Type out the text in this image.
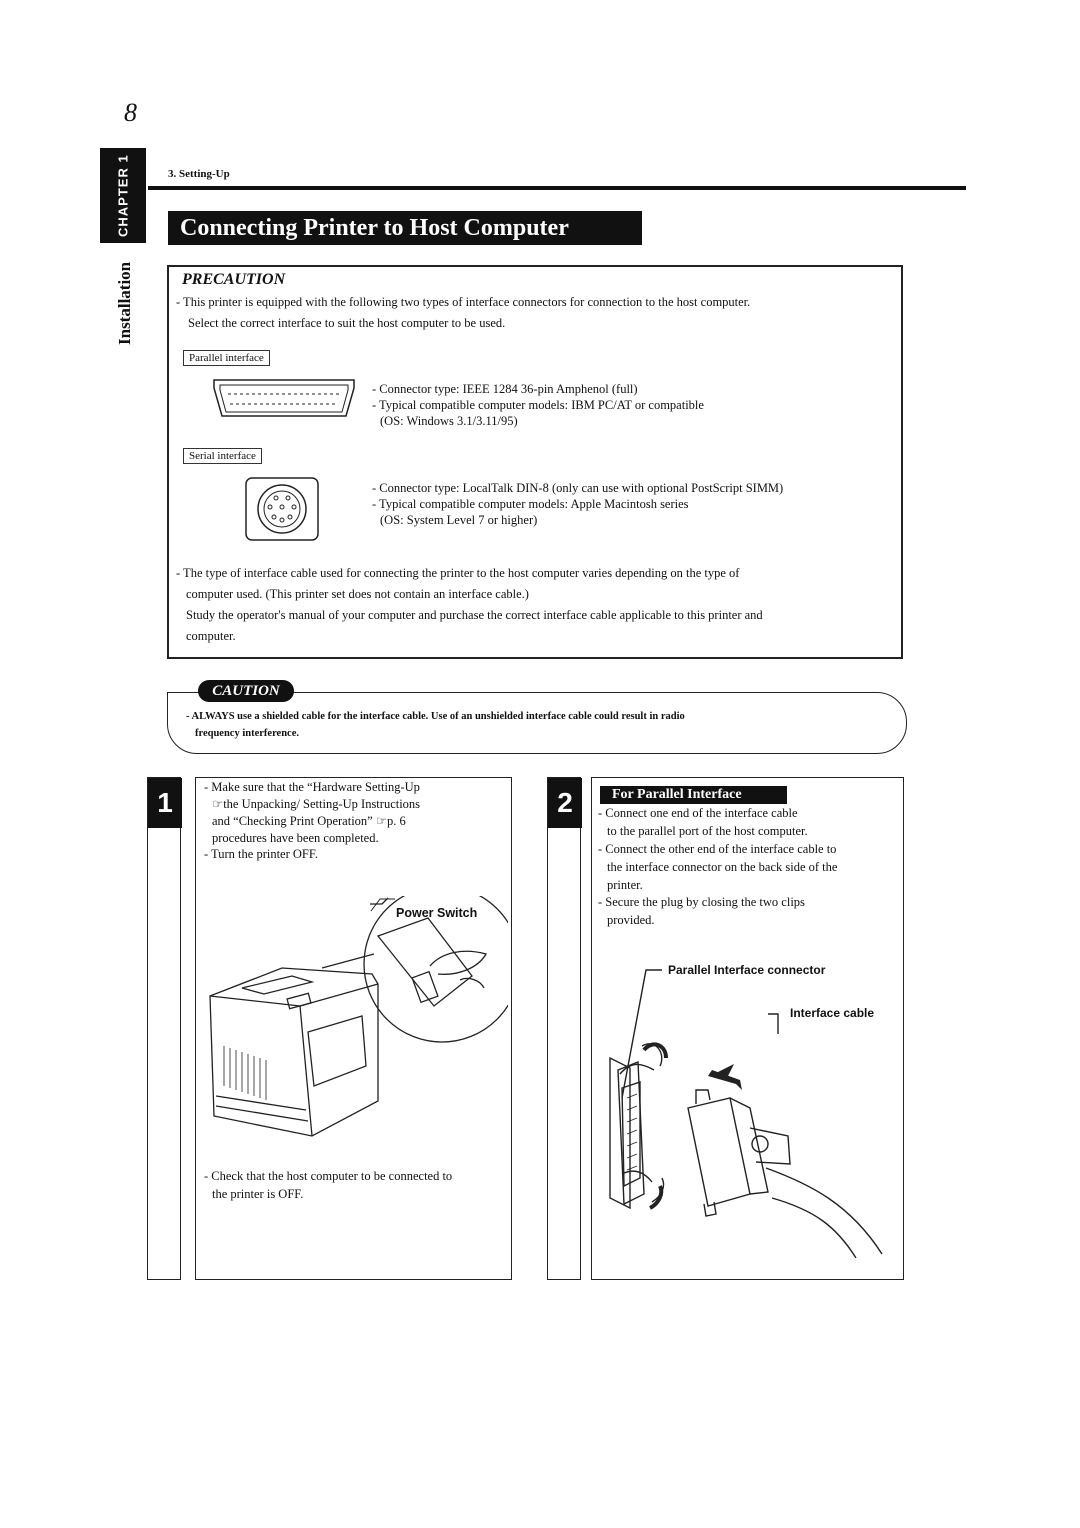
8
CHAPTER 1
Installation
3. Setting-Up
Connecting Printer to Host Computer
PRECAUTION
- This printer is equipped with the following two types of interface connectors for connection to the host computer.
Select the correct interface to suit the host computer to be used.
Parallel interface
- Connector type: IEEE 1284 36-pin Amphenol (full)
- Typical compatible computer models: IBM PC/AT or compatible
(OS: Windows 3.1/3.11/95)
Serial interface
- Connector type: LocalTalk DIN-8 (only can use with optional PostScript SIMM)
- Typical compatible computer models: Apple Macintosh series
(OS: System Level 7 or higher)
- The type of interface cable used for connecting the printer to the host computer varies depending on the type of
computer used. (This printer set does not contain an interface cable.)
Study the operator's manual of your computer and purchase the correct interface cable applicable to this printer and
computer.
CAUTION
- ALWAYS use a shielded cable for the interface cable. Use of an unshielded interface cable could result in radio
frequency interference.
1	- Make sure that the “Hardware Setting-Up
☞the Unpacking/ Setting-Up Instructions
and “Checking Print Operation” ☞p. 6
procedures have been completed.
- Turn the printer OFF.
Power Switch
- Check that the host computer to be connected to
the printer is OFF.
2	For Parallel Interface
- Connect one end of the interface cable
to the parallel port of the host computer.
- Connect the other end of the interface cable to
the interface connector on the back side of the
printer.
- Secure the plug by closing the two clips
provided.
Parallel Interface connector
Interface cable
